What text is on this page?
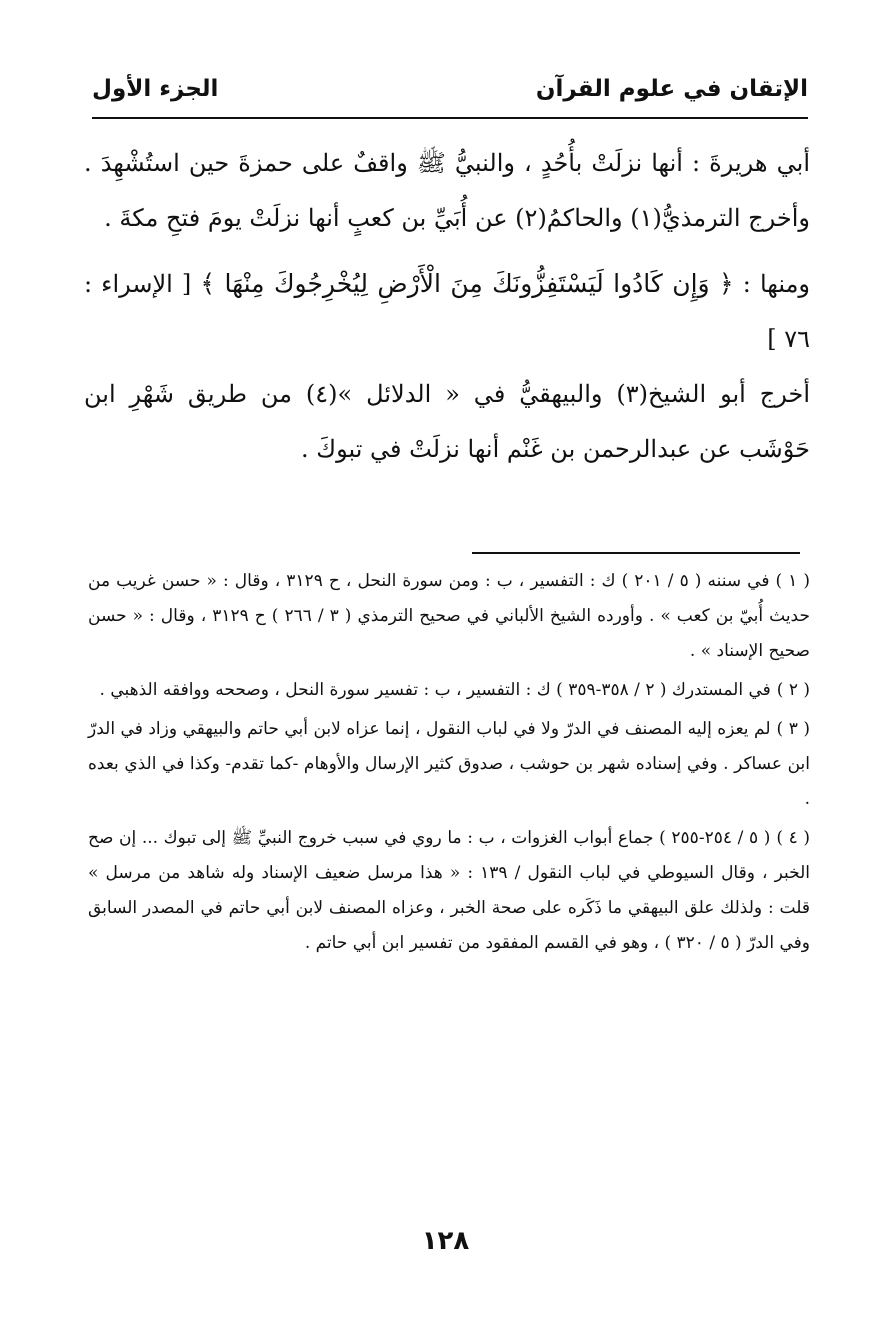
الإتقان في علوم القرآن
الجزء الأول

أبي هريرةَ : أنها نزلَتْ بأُحُدٍ ، والنبيُّ ﷺ واقفٌ على حمزةَ حين استُشْهِدَ . وأخرج الترمذيُّ(١) والحاكمُ(٢) عن أُبَيِّ بن كعبٍ أنها نزلَتْ يومَ فتحِ مكةَ .

ومنها : ﴿ وَإِن كَادُوا لَيَسْتَفِزُّونَكَ مِنَ الْأَرْضِ لِيُخْرِجُوكَ مِنْهَا ﴾ [ الإسراء : ٧٦ ]

أخرج أبو الشيخ(٣) والبيهقيُّ في « الدلائل »(٤) من طريق شَهْرِ ابن حَوْشَب عن عبدالرحمن بن غَنْم أنها نزلَتْ في تبوكَ .

( ١ )في سننه ( ٥ / ٢٠١ ) ك : التفسير ، ب : ومن سورة النحل ، ح ٣١٢٩ ، وقال : « حسن غريب من حديث أُبيّ بن كعب » . وأورده الشيخ الألباني في صحيح الترمذي ( ٣ / ٢٦٦ ) ح ٣١٢٩ ، وقال : « حسن صحيح الإسناد » .

( ٢ )في المستدرك ( ٢ / ٣٥٨-٣٥٩ ) ك : التفسير ، ب : تفسير سورة النحل ، وصححه ووافقه الذهبي .

( ٣ )لم يعزه إليه المصنف في الدرّ ولا في لباب النقول ، إنما عزاه لابن أبي حاتم والبيهقي وزاد في الدرّ ابن عساكر . وفي إسناده شهر بن حوشب ، صدوق كثير الإرسال والأوهام -كما تقدم- وكذا في الذي بعده .

( ٤ )( ٥ / ٢٥٤-٢٥٥ ) جماع أبواب الغزوات ، ب : ما روي في سبب خروج النبيِّ ﷺ إلى تبوك ... إن صح الخبر ، وقال السيوطي في لباب النقول / ١٣٩ : « هذا مرسل ضعيف الإسناد وله شاهد من مرسل » قلت : ولذلك علق البيهقي ما ذَكَره على صحة الخبر ، وعزاه المصنف لابن أبي حاتم في المصدر السابق وفي الدرّ ( ٥ / ٣٢٠ ) ، وهو في القسم المفقود من تفسير ابن أبي حاتم .

١٢٨
